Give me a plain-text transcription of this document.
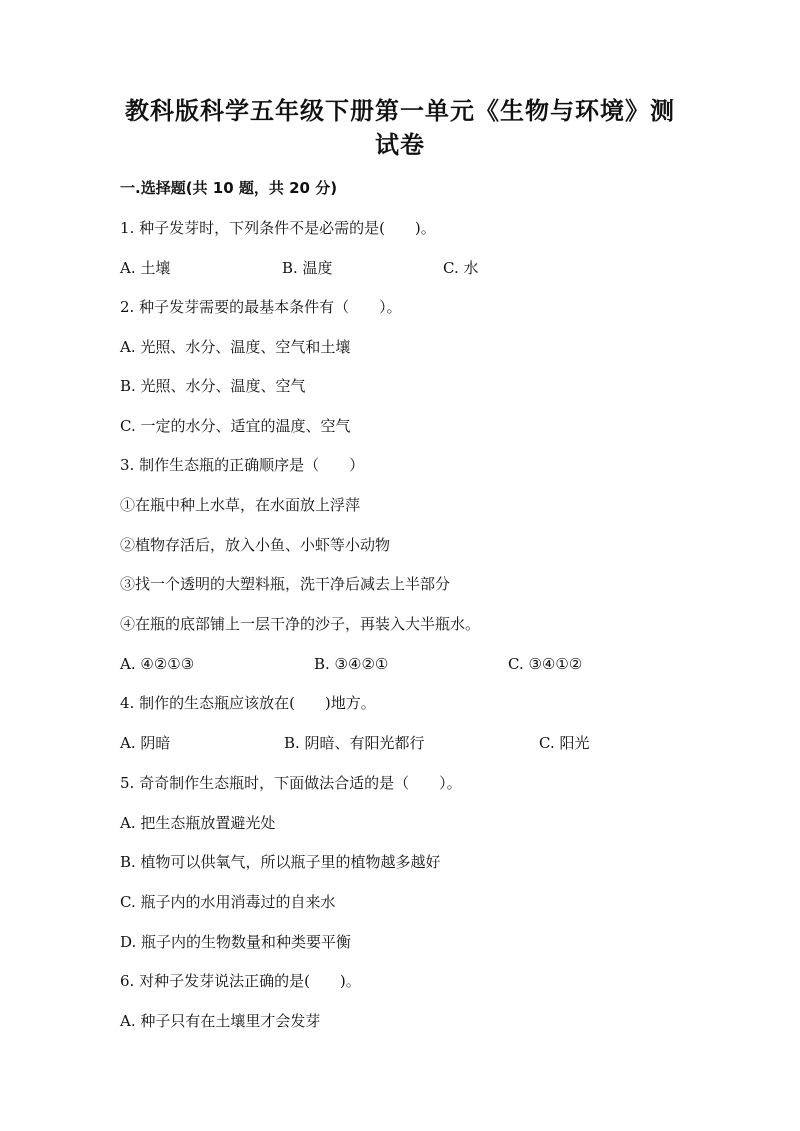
教科版科学五年级下册第一单元《生物与环境》测
试卷
一.选择题(共 10 题，共 20 分)
1. 种子发芽时，下列条件不是必需的是(　　)。
A. 土壤	B. 温度	C. 水
2. 种子发芽需要的最基本条件有（　　）。
A. 光照、水分、温度、空气和土壤
B. 光照、水分、温度、空气
C. 一定的水分、适宜的温度、空气
3. 制作生态瓶的正确顺序是（　　）
①在瓶中种上水草，在水面放上浮萍
②植物存活后，放入小鱼、小虾等小动物
③找一个透明的大塑料瓶，洗干净后减去上半部分
④在瓶的底部铺上一层干净的沙子，再装入大半瓶水。
A. ④②①③	B. ③④②①	C. ③④①②
4. 制作的生态瓶应该放在(　　)地方。
A. 阴暗	B. 阴暗、有阳光都行	C. 阳光
5. 奇奇制作生态瓶时，下面做法合适的是（　　）。
A. 把生态瓶放置避光处
B. 植物可以供氧气，所以瓶子里的植物越多越好
C. 瓶子内的水用消毒过的自来水
D. 瓶子内的生物数量和种类要平衡
6. 对种子发芽说法正确的是(　　)。
A. 种子只有在土壤里才会发芽
